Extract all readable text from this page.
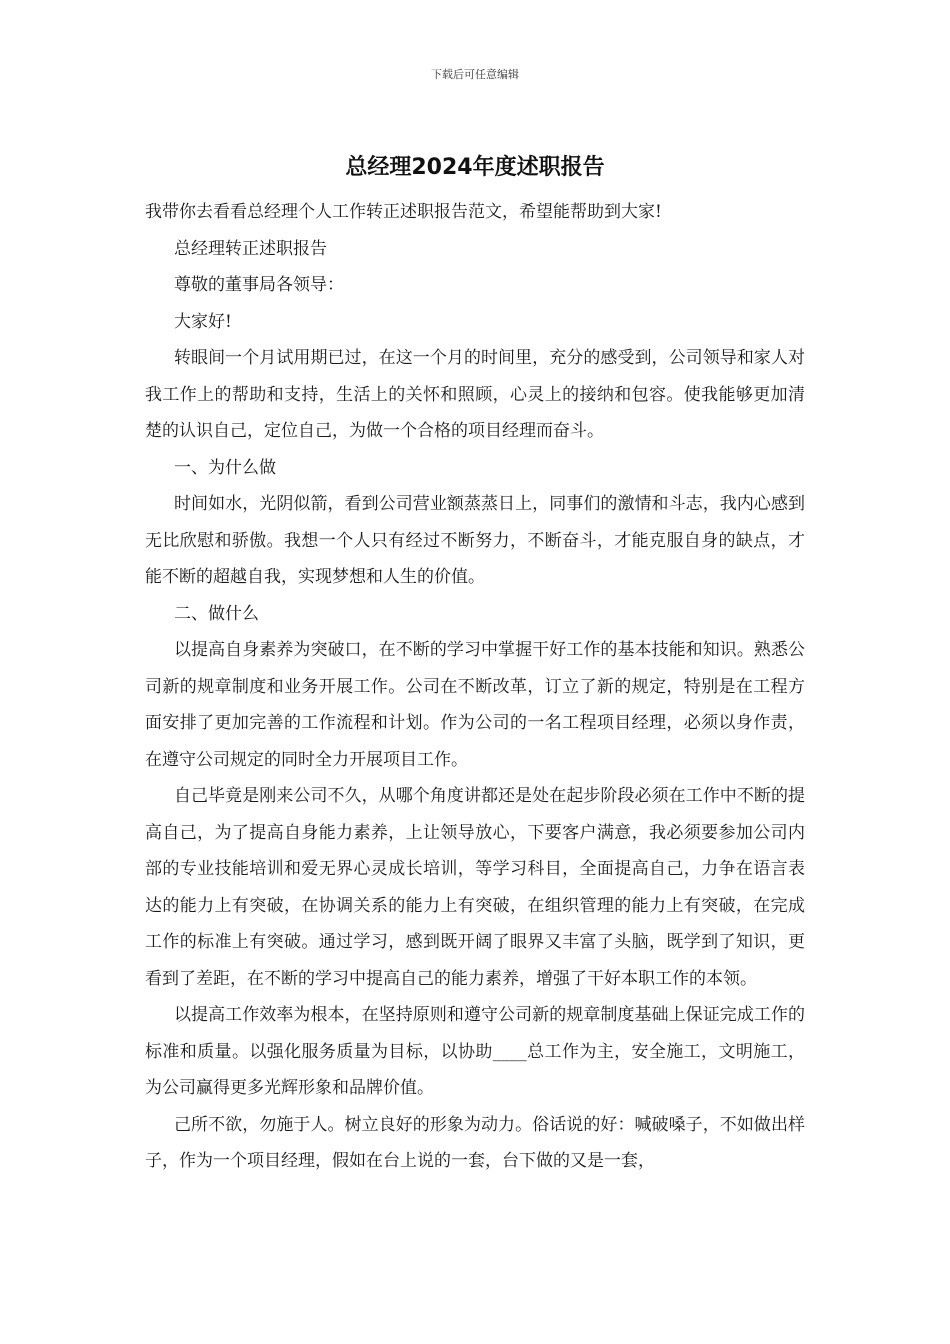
下载后可任意编辑
总经理2024年度述职报告

我带你去看看总经理个人工作转正述职报告范文，希望能帮助到大家!

总经理转正述职报告

尊敬的董事局各领导：

大家好!

转眼间一个月试用期已过，在这一个月的时间里，充分的感受到，公司领导和家人对我工作上的帮助和支持，生活上的关怀和照顾，心灵上的接纳和包容。使我能够更加清楚的认识自己，定位自己，为做一个合格的项目经理而奋斗。

一、为什么做

时间如水，光阴似箭，看到公司营业额蒸蒸日上，同事们的激情和斗志，我内心感到无比欣慰和骄傲。我想一个人只有经过不断努力，不断奋斗，才能克服自身的缺点，才能不断的超越自我，实现梦想和人生的价值。

二、做什么

以提高自身素养为突破口，在不断的学习中掌握干好工作的基本技能和知识。熟悉公司新的规章制度和业务开展工作。公司在不断改革，订立了新的规定，特别是在工程方面安排了更加完善的工作流程和计划。作为公司的一名工程项目经理，必须以身作责，在遵守公司规定的同时全力开展项目工作。

自己毕竟是刚来公司不久，从哪个角度讲都还是处在起步阶段必须在工作中不断的提高自己，为了提高自身能力素养，上让领导放心，下要客户满意，我必须要参加公司内部的专业技能培训和爱无界心灵成长培训，等学习科目，全面提高自己，力争在语言表达的能力上有突破，在协调关系的能力上有突破，在组织管理的能力上有突破，在完成工作的标准上有突破。通过学习，感到既开阔了眼界又丰富了头脑，既学到了知识，更看到了差距，在不断的学习中提高自己的能力素养，增强了干好本职工作的本领。

以提高工作效率为根本，在坚持原则和遵守公司新的规章制度基础上保证完成工作的标准和质量。以强化服务质量为目标，以协助____总工作为主，安全施工，文明施工，为公司赢得更多光辉形象和品牌价值。

己所不欲，勿施于人。树立良好的形象为动力。俗话说的好：喊破嗓子，不如做出样子，作为一个项目经理，假如在台上说的一套，台下做的又是一套，
